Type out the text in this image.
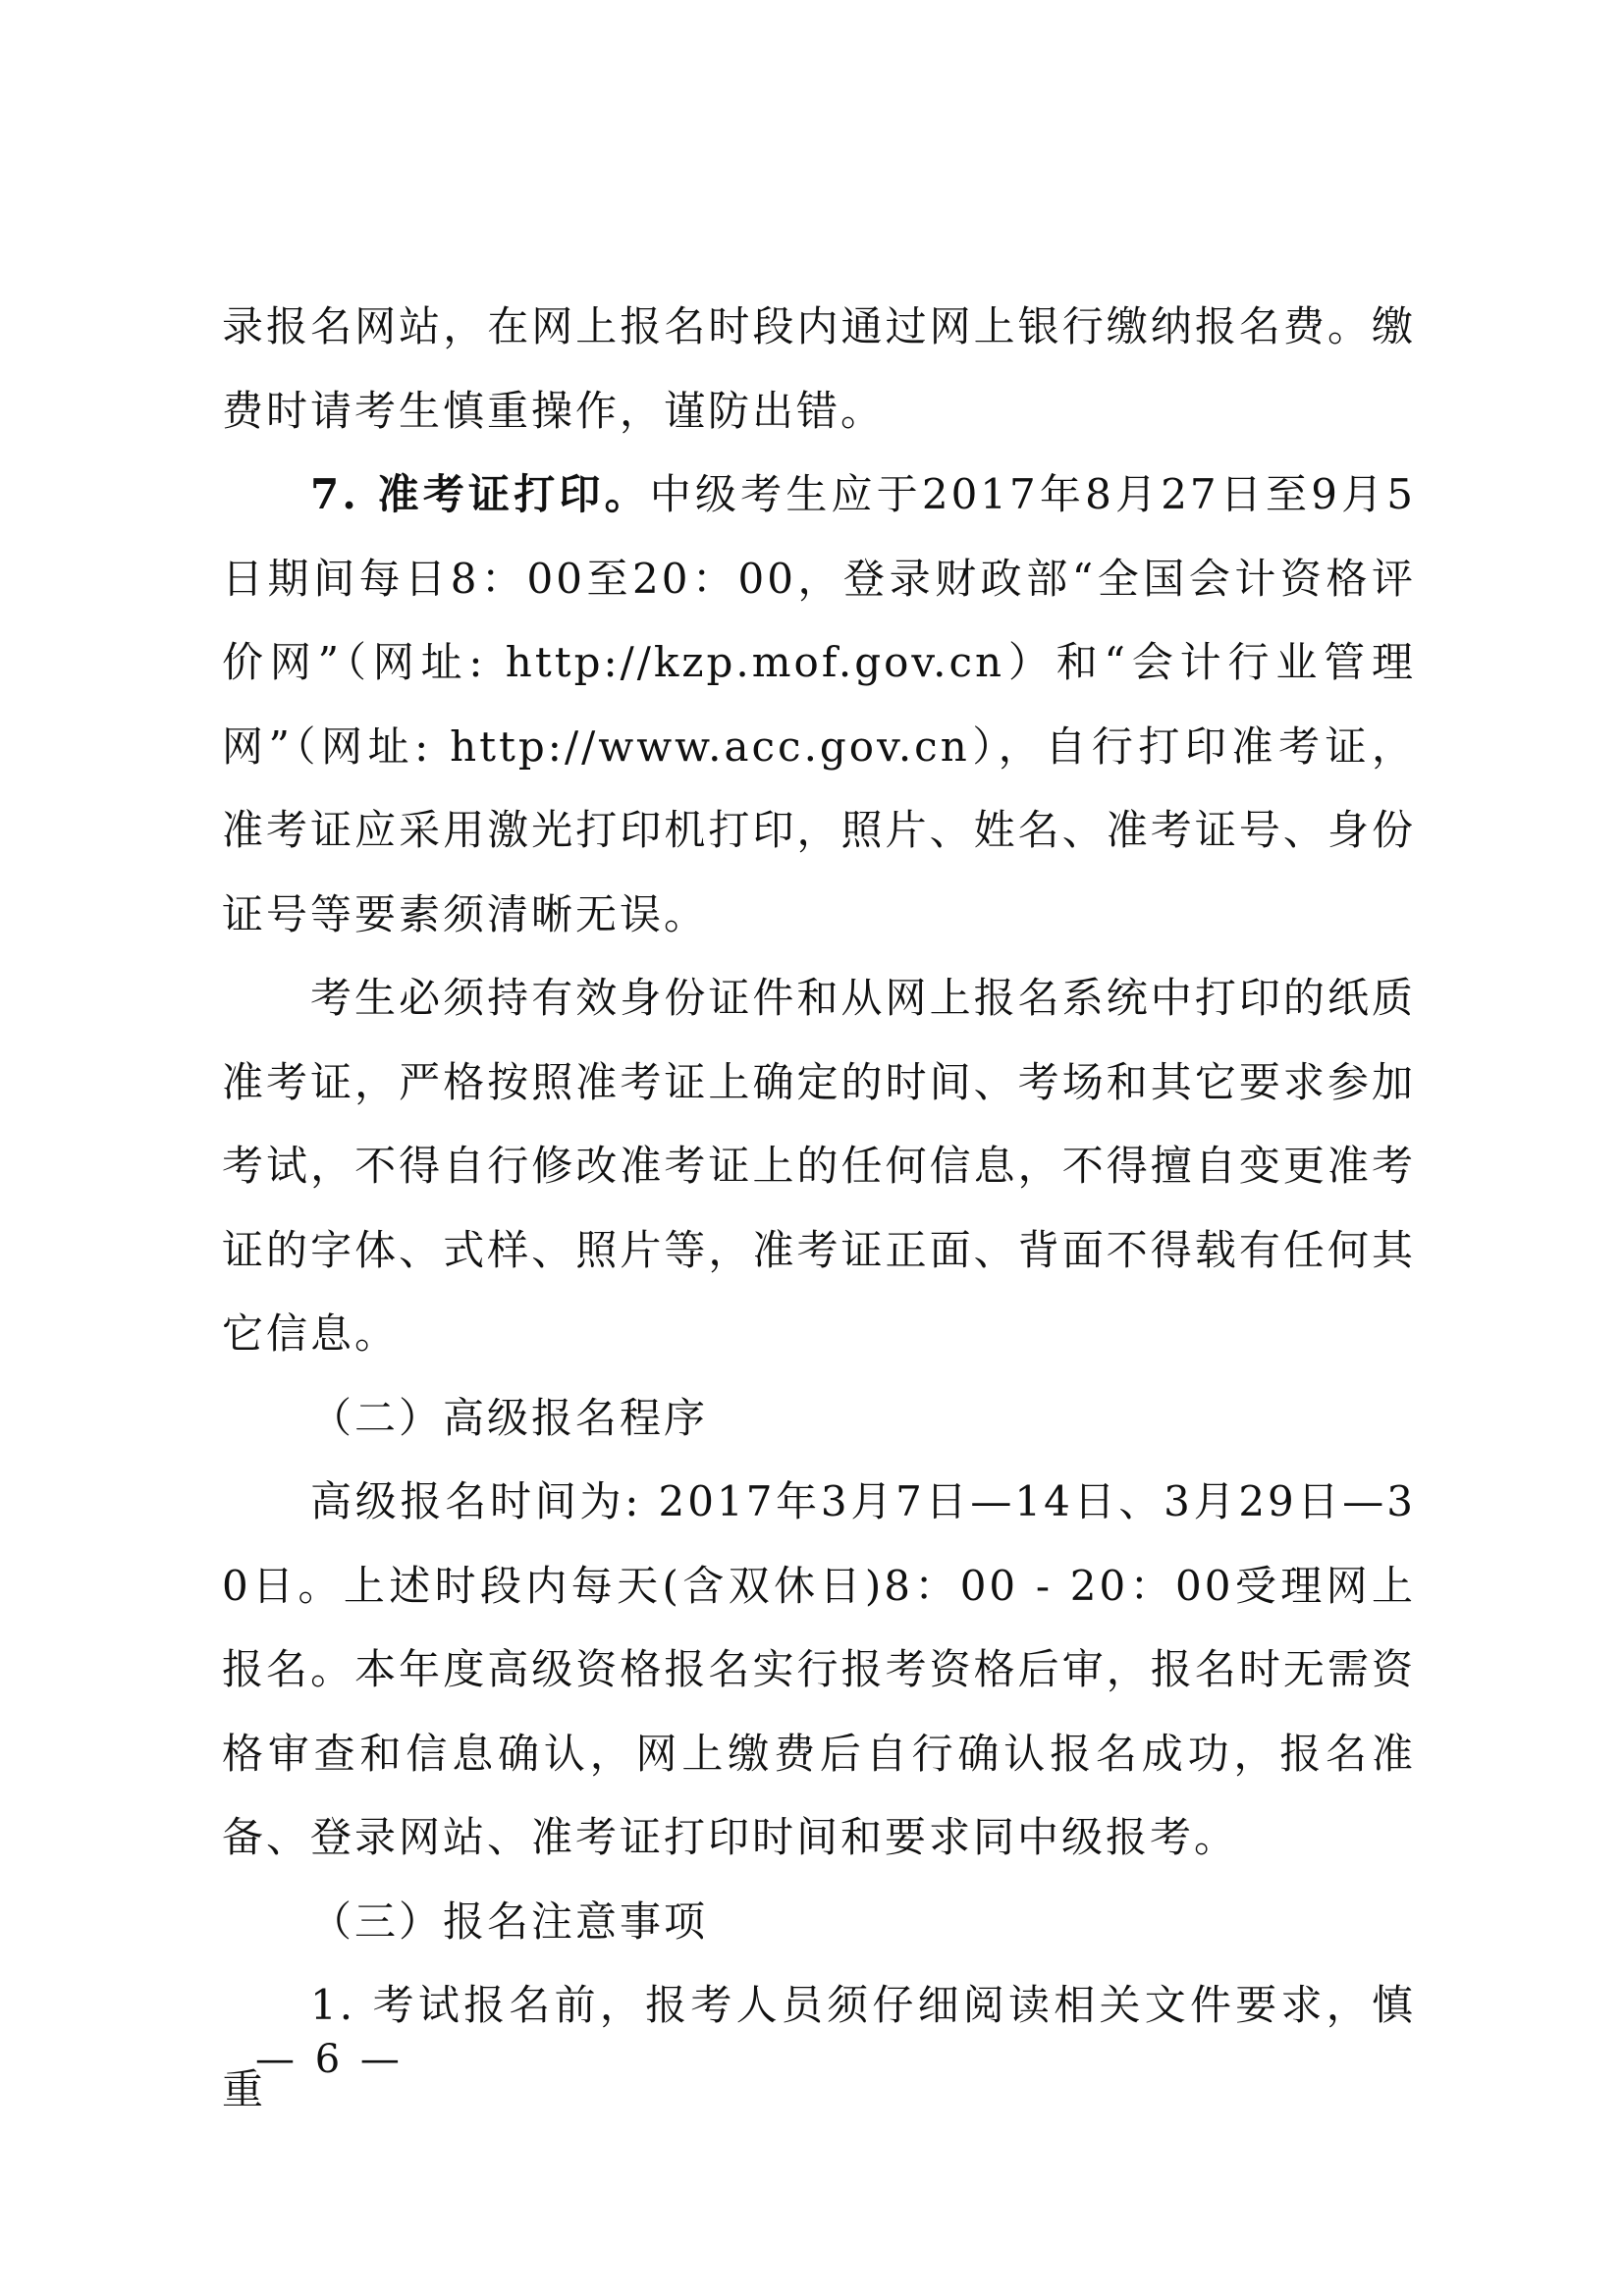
录报名网站，在网上报名时段内通过网上银行缴纳报名费。缴费时请考生慎重操作，谨防出错。

7. 准考证打印。中级考生应于2017年8月27日至9月5日期间每日8：00至20：00，登录财政部“全国会计资格评价网”（网址: http://kzp.mof.gov.cn）和“会计行业管理网”（网址: http://www.acc.gov.cn），自行打印准考证，准考证应采用激光打印机打印，照片、姓名、准考证号、身份证号等要素须清晰无误。

考生必须持有效身份证件和从网上报名系统中打印的纸质准考证，严格按照准考证上确定的时间、考场和其它要求参加考试，不得自行修改准考证上的任何信息，不得擅自变更准考证的字体、式样、照片等，准考证正面、背面不得载有任何其它信息。

（二）高级报名程序

高级报名时间为: 2017年3月7日—14日、3月29日—30日。上述时段内每天(含双休日)8：00 - 20：00受理网上报名。本年度高级资格报名实行报考资格后审，报名时无需资格审查和信息确认，网上缴费后自行确认报名成功，报名准备、登录网站、准考证打印时间和要求同中级报考。

（三）报名注意事项

1. 考试报名前，报考人员须仔细阅读相关文件要求，慎重

— 6 —
